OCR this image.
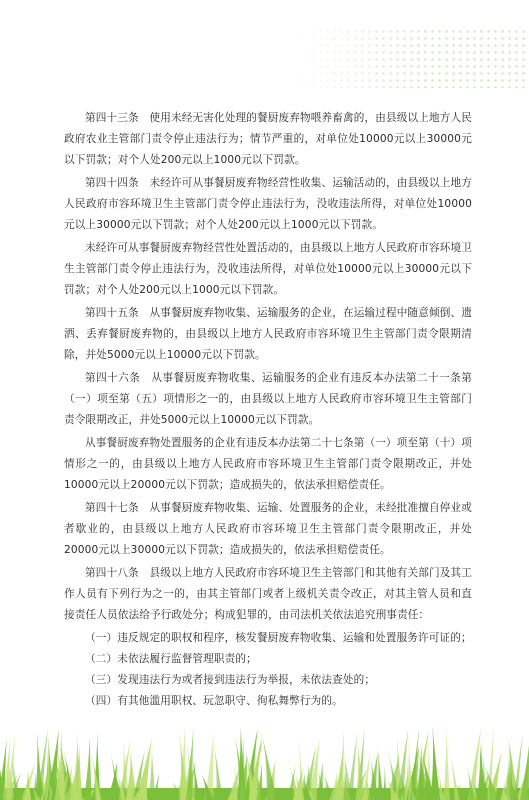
第四十三条　使用未经无害化处理的餐厨废弃物喂养畜禽的，由县级以上地方人民政府农业主管部门责令停止违法行为；情节严重的，对单位处10000元以上30000元以下罚款；对个人处200元以上1000元以下罚款。

第四十四条　未经许可从事餐厨废弃物经营性收集、运输活动的，由县级以上地方人民政府市容环境卫生主管部门责令停止违法行为，没收违法所得，对单位处10000元以上30000元以下罚款；对个人处200元以上1000元以下罚款。

未经许可从事餐厨废弃物经营性处置活动的，由县级以上地方人民政府市容环境卫生主管部门责令停止违法行为，没收违法所得，对单位处10000元以上30000元以下罚款；对个人处200元以上1000元以下罚款。

第四十五条　从事餐厨废弃物收集、运输服务的企业，在运输过程中随意倾倒、遗洒、丢弃餐厨废弃物的，由县级以上地方人民政府市容环境卫生主管部门责令限期清除，并处5000元以上10000元以下罚款。

第四十六条　从事餐厨废弃物收集、运输服务的企业有违反本办法第二十一条第（一）项至第（五）项情形之一的，由县级以上地方人民政府市容环境卫生主管部门责令限期改正，并处5000元以上10000元以下罚款。

从事餐厨废弃物处置服务的企业有违反本办法第二十七条第（一）项至第（十）项情形之一的，由县级以上地方人民政府市容环境卫生主管部门责令限期改正，并处10000元以上20000元以下罚款；造成损失的，依法承担赔偿责任。

第四十七条　从事餐厨废弃物收集、运输、处置服务的企业，未经批准擅自停业或者歇业的，由县级以上地方人民政府市容环境卫生主管部门责令限期改正，并处20000元以上30000元以下罚款；造成损失的，依法承担赔偿责任。

第四十八条　县级以上地方人民政府市容环境卫生主管部门和其他有关部门及其工作人员有下列行为之一的，由其主管部门或者上级机关责令改正，对其主管人员和直接责任人员依法给予行政处分；构成犯罪的，由司法机关依法追究刑事责任：

（一）违反规定的职权和程序，核发餐厨废弃物收集、运输和处置服务许可证的；

（二）未依法履行监督管理职责的；

（三）发现违法行为或者接到违法行为举报，未依法查处的；

（四）有其他滥用职权、玩忽职守、徇私舞弊行为的。
